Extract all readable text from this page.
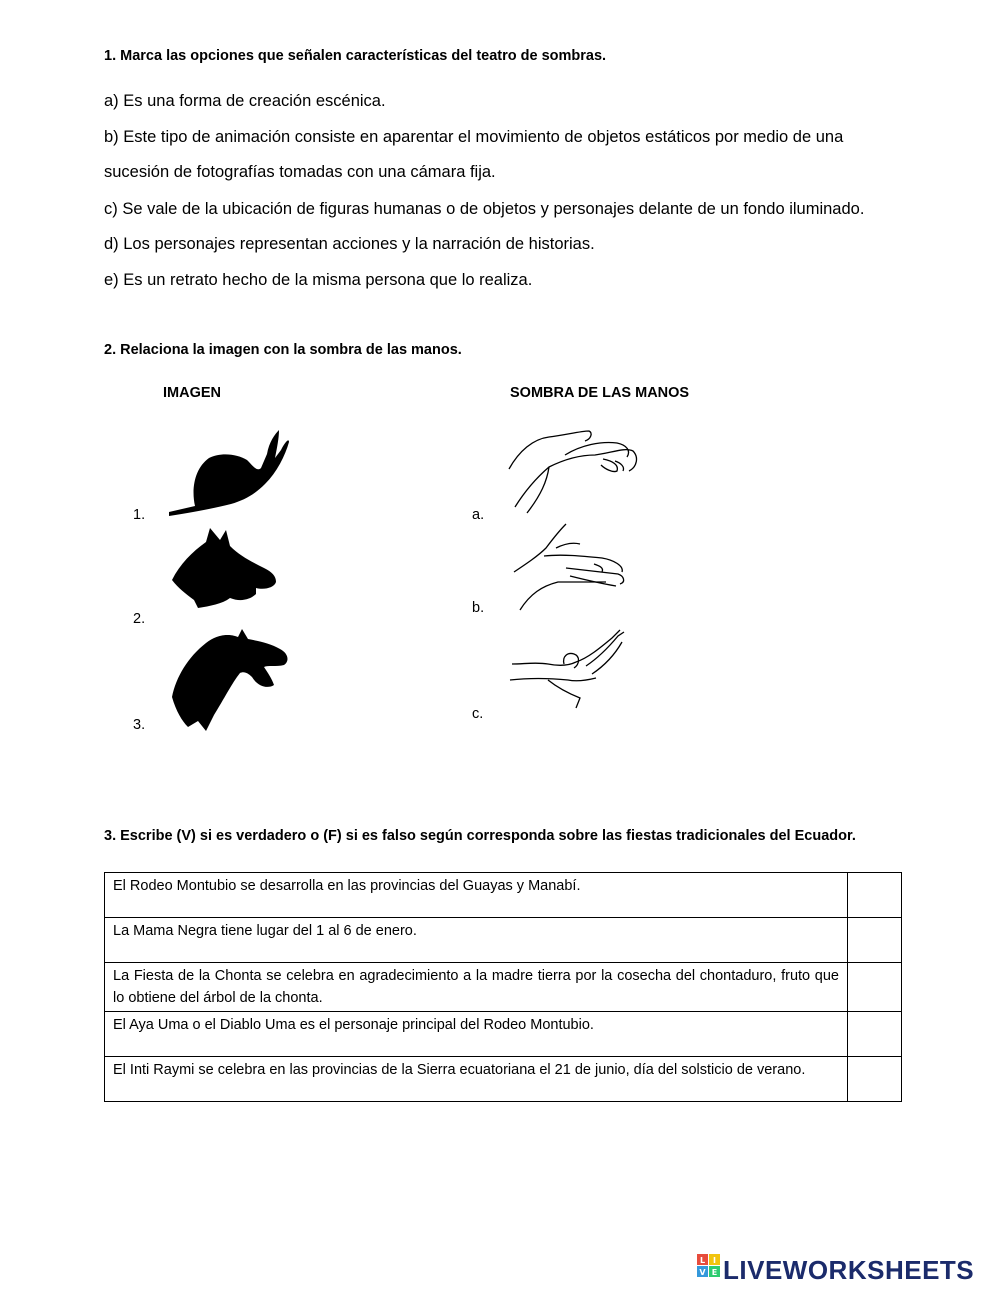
1. Marca las opciones que señalen características del teatro de sombras.
a) Es una forma de creación escénica.
b) Este tipo de animación consiste en aparentar el movimiento de objetos estáticos por medio de una
sucesión de fotografías tomadas con una cámara fija.
c) Se vale de la ubicación de figuras humanas o de objetos y personajes delante de un fondo iluminado.
d) Los personajes representan acciones y la narración de historias.
e) Es un retrato hecho de la misma persona que lo realiza.
2. Relaciona la imagen con la sombra de las manos.
IMAGEN	SOMBRA DE LAS MANOS
1.
2.
3.
a.
b.
c.
3. Escribe (V) si es verdadero o (F) si es falso según corresponda sobre las fiestas tradicionales del Ecuador.
El Rodeo Montubio se desarrolla en las provincias del Guayas y Manabí.	
La Mama Negra tiene lugar del 1 al 6 de enero.	
La Fiesta de la Chonta se celebra en agradecimiento a la madre tierra por la cosecha del chontaduro, fruto que lo obtiene del árbol de la chonta.	
El Aya Uma o el Diablo Uma es el personaje principal del Rodeo Montubio.	
El Inti Raymi se celebra en las provincias de la Sierra ecuatoriana el 21 de junio, día del solsticio de verano.	
L I
V E LIVEWORKSHEETS
